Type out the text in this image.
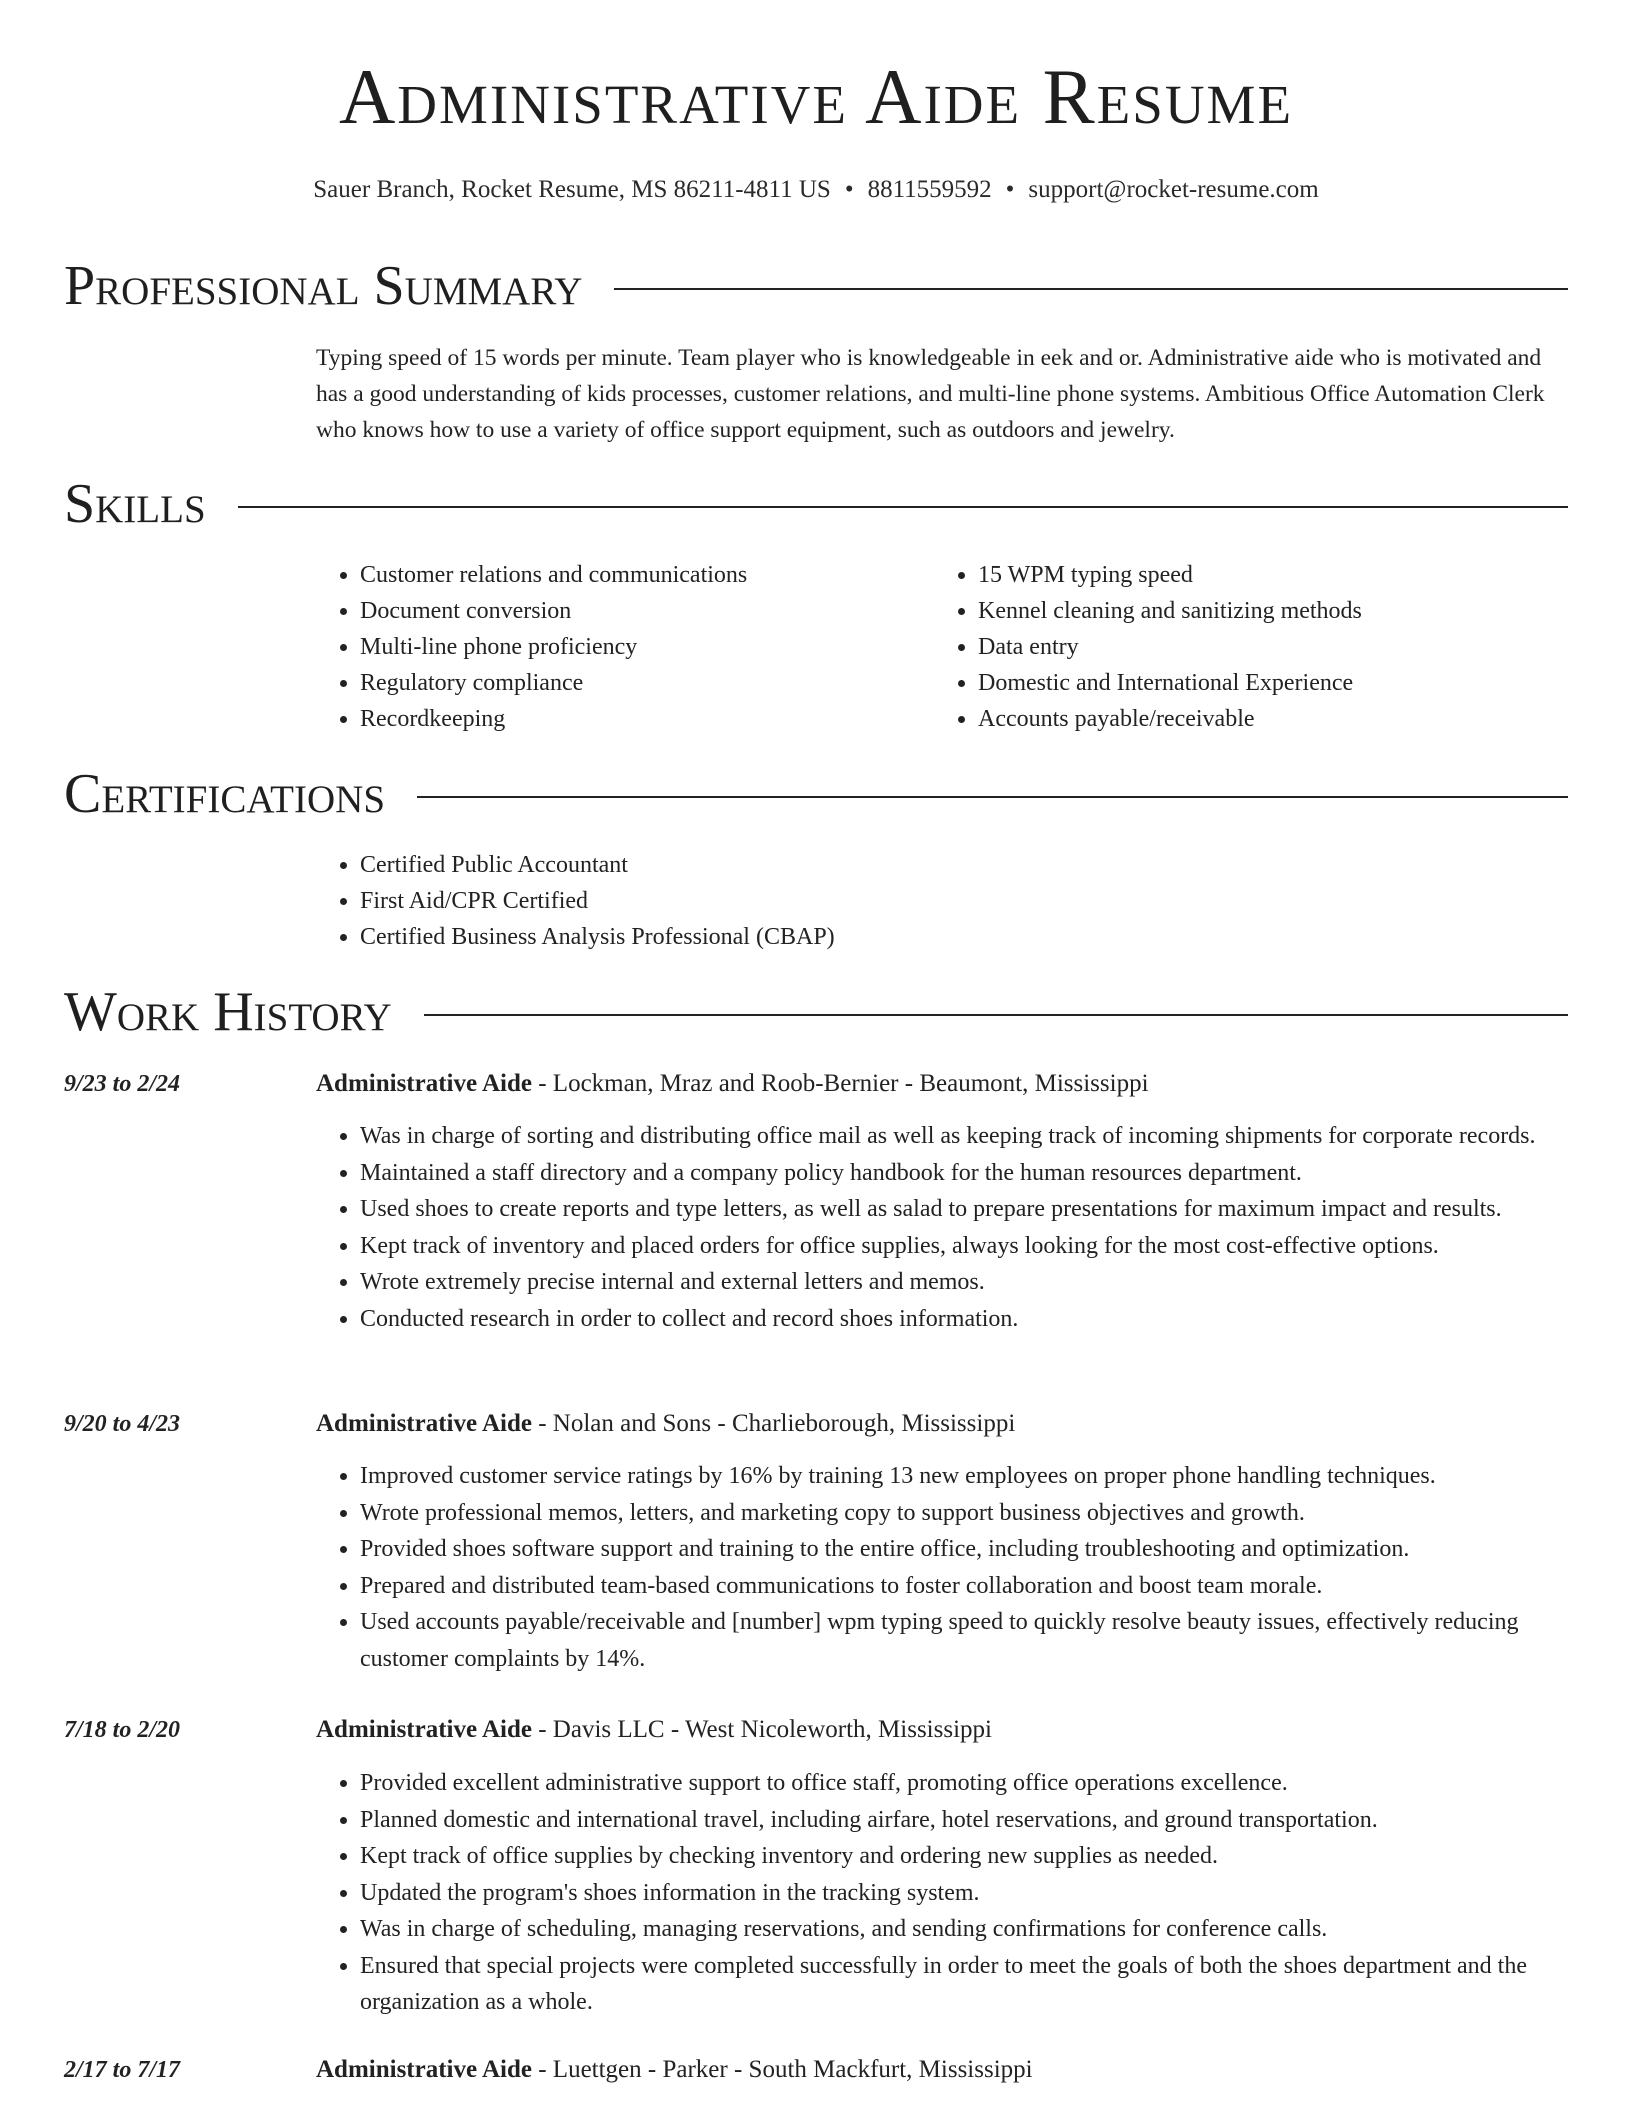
Administrative Aide Resume
Sauer Branch, Rocket Resume, MS 86211-4811 US • 8811559592 • support@rocket-resume.com
Professional Summary

Typing speed of 15 words per minute. Team player who is knowledgeable in eek and or. Administrative aide who is motivated and has a good understanding of kids processes, customer relations, and multi-line phone systems. Ambitious Office Automation Clerk who knows how to use a variety of office support equipment, such as outdoors and jewelry.

Skills
• Customer relations and communications
• Document conversion
• Multi-line phone proficiency
• Regulatory compliance
• Recordkeeping
• 15 WPM typing speed
• Kennel cleaning and sanitizing methods
• Data entry
• Domestic and International Experience
• Accounts payable/receivable
Certifications
• Certified Public Accountant
• First Aid/CPR Certified
• Certified Business Analysis Professional (CBAP)
Work History
9/23 to 2/24	Administrative Aide - Lockman, Mraz and Roob-Bernier - Beaumont, Mississippi
• Was in charge of sorting and distributing office mail as well as keeping track of incoming shipments for corporate records.
• Maintained a staff directory and a company policy handbook for the human resources department.
• Used shoes to create reports and type letters, as well as salad to prepare presentations for maximum impact and results.
• Kept track of inventory and placed orders for office supplies, always looking for the most cost-effective options.
• Wrote extremely precise internal and external letters and memos.
• Conducted research in order to collect and record shoes information.
9/20 to 4/23	Administrative Aide - Nolan and Sons - Charlieborough, Mississippi
• Improved customer service ratings by 16% by training 13 new employees on proper phone handling techniques.
• Wrote professional memos, letters, and marketing copy to support business objectives and growth.
• Provided shoes software support and training to the entire office, including troubleshooting and optimization.
• Prepared and distributed team-based communications to foster collaboration and boost team morale.
• Used accounts payable/receivable and [number] wpm typing speed to quickly resolve beauty issues, effectively reducing customer complaints by 14%.
7/18 to 2/20	Administrative Aide - Davis LLC - West Nicoleworth, Mississippi
• Provided excellent administrative support to office staff, promoting office operations excellence.
• Planned domestic and international travel, including airfare, hotel reservations, and ground transportation.
• Kept track of office supplies by checking inventory and ordering new supplies as needed.
• Updated the program's shoes information in the tracking system.
• Was in charge of scheduling, managing reservations, and sending confirmations for conference calls.
• Ensured that special projects were completed successfully in order to meet the goals of both the shoes department and the organization as a whole.
2/17 to 7/17	Administrative Aide - Luettgen - Parker - South Mackfurt, Mississippi
